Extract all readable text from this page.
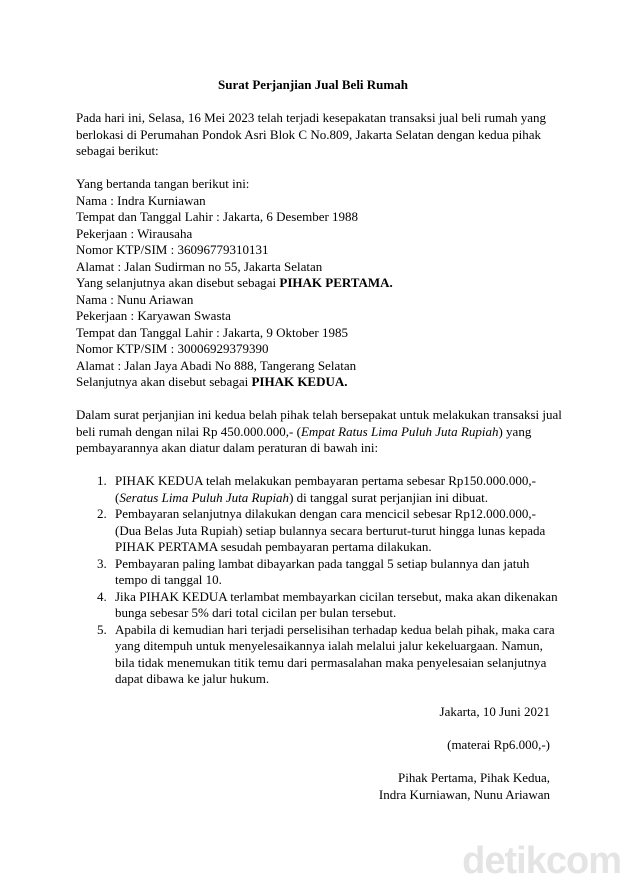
Surat Perjanjian Jual Beli Rumah
Pada hari ini, Selasa, 16 Mei 2023 telah terjadi kesepakatan transaksi jual beli rumah yang
berlokasi di Perumahan Pondok Asri Blok C No.809, Jakarta Selatan dengan kedua pihak
sebagai berikut:
Yang bertanda tangan berikut ini:
Nama : Indra Kurniawan
Tempat dan Tanggal Lahir : Jakarta, 6 Desember 1988
Pekerjaan : Wirausaha
Nomor KTP/SIM : 36096779310131
Alamat : Jalan Sudirman no 55, Jakarta Selatan
Yang selanjutnya akan disebut sebagai PIHAK PERTAMA.
Nama : Nunu Ariawan
Pekerjaan : Karyawan Swasta
Tempat dan Tanggal Lahir : Jakarta, 9 Oktober 1985
Nomor KTP/SIM : 30006929379390
Alamat : Jalan Jaya Abadi No 888, Tangerang Selatan
Selanjutnya akan disebut sebagai PIHAK KEDUA.
Dalam surat perjanjian ini kedua belah pihak telah bersepakat untuk melakukan transaksi jual
beli rumah dengan nilai Rp 450.000.000,- (Empat Ratus Lima Puluh Juta Rupiah) yang
pembayarannya akan diatur dalam peraturan di bawah ini:
1. PIHAK KEDUA telah melakukan pembayaran pertama sebesar Rp150.000.000,-
(Seratus Lima Puluh Juta Rupiah) di tanggal surat perjanjian ini dibuat.
2. Pembayaran selanjutnya dilakukan dengan cara mencicil sebesar Rp12.000.000,-
(Dua Belas Juta Rupiah) setiap bulannya secara berturut-turut hingga lunas kepada
PIHAK PERTAMA sesudah pembayaran pertama dilakukan.
3. Pembayaran paling lambat dibayarkan pada tanggal 5 setiap bulannya dan jatuh
tempo di tanggal 10.
4. Jika PIHAK KEDUA terlambat membayarkan cicilan tersebut, maka akan dikenakan
bunga sebesar 5% dari total cicilan per bulan tersebut.
5. Apabila di kemudian hari terjadi perselisihan terhadap kedua belah pihak, maka cara
yang ditempuh untuk menyelesaikannya ialah melalui jalur kekeluargaan. Namun,
bila tidak menemukan titik temu dari permasalahan maka penyelesaian selanjutnya
dapat dibawa ke jalur hukum.
Jakarta, 10 Juni 2021
(materai Rp6.000,-)
Pihak Pertama, Pihak Kedua,
Indra Kurniawan, Nunu Ariawan
detikcom
